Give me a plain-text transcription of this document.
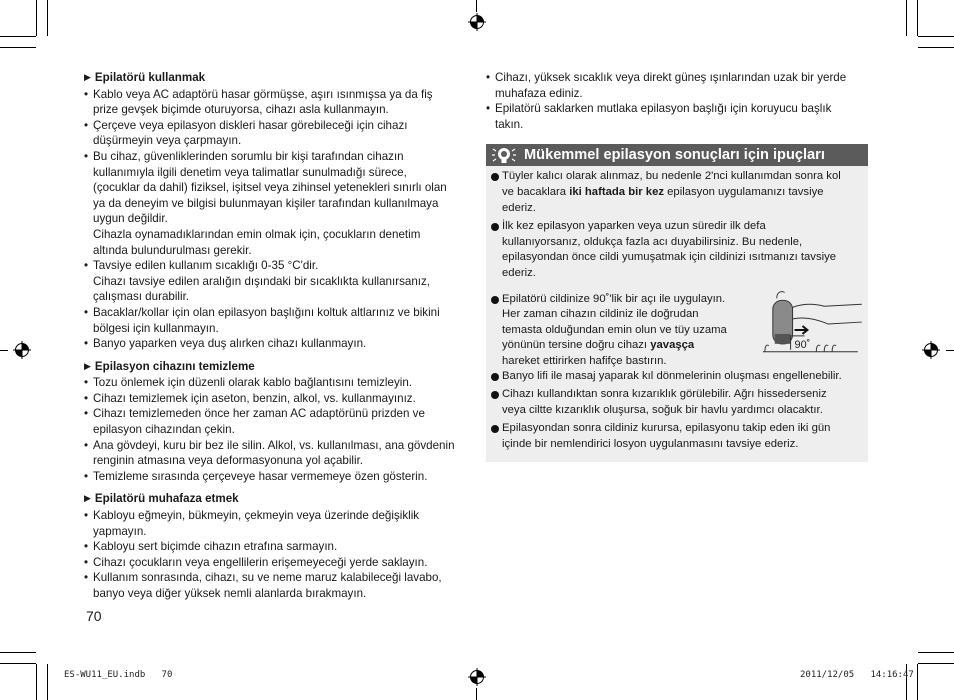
▶ Epilatörü kullanmak
• Kablo veya AC adaptörü hasar görmüşse, aşırı ısınmışsa ya da fiş
prize gevşek biçimde oturuyorsa, cihazı asla kullanmayın.
• Çerçeve veya epilasyon diskleri hasar görebileceği için cihazı
düşürmeyin veya çarpmayın.
• Bu cihaz, güvenliklerinden sorumlu bir kişi tarafından cihazın
kullanımıyla ilgili denetim veya talimatlar sunulmadığı sürece,
(çocuklar da dahil) fiziksel, işitsel veya zihinsel yetenekleri sınırlı olan
ya da deneyim ve bilgisi bulunmayan kişiler tarafından kullanılmaya
uygun değildir.
Cihazla oynamadıklarından emin olmak için, çocukların denetim
altında bulundurulması gerekir.
• Tavsiye edilen kullanım sıcaklığı 0-35 °C'dir.
Cihazı tavsiye edilen aralığın dışındaki bir sıcaklıkta kullanırsanız,
çalışması durabilir.
• Bacaklar/kollar için olan epilasyon başlığını koltuk altlarınız ve bikini
bölgesi için kullanmayın.
• Banyo yaparken veya duş alırken cihazı kullanmayın.
▶ Epilasyon cihazını temizleme
• Tozu önlemek için düzenli olarak kablo bağlantısını temizleyin.
• Cihazı temizlemek için aseton, benzin, alkol, vs. kullanmayınız.
• Cihazı temizlemeden önce her zaman AC adaptörünü prizden ve
epilasyon cihazından çekin.
• Ana gövdeyi, kuru bir bez ile silin. Alkol, vs. kullanılması, ana gövdenin
renginin atmasına veya deformasyonuna yol açabilir.
• Temizleme sırasında çerçeveye hasar vermemeye özen gösterin.
▶ Epilatörü muhafaza etmek
• Kabloyu eğmeyin, bükmeyin, çekmeyin veya üzerinde değişiklik
yapmayın.
• Kabloyu sert biçimde cihazın etrafına sarmayın.
• Cihazı çocukların veya engellilerin erişemeyeceği yerde saklayın.
• Kullanım sonrasında, cihazı, su ve neme maruz kalabileceği lavabo,
banyo veya diğer yüksek nemli alanlarda bırakmayın.
70
• Cihazı, yüksek sıcaklık veya direkt güneş ışınlarından uzak bir yerde
muhafaza ediniz.
• Epilatörü saklarken mutlaka epilasyon başlığı için koruyucu başlık
takın.
Mükemmel epilasyon sonuçları için ipuçları
Tüyler kalıcı olarak alınmaz, bu nedenle 2'nci kullanımdan sonra kol
ve bacaklara iki haftada bir kez epilasyon uygulamanızı tavsiye
ederiz.
İlk kez epilasyon yaparken veya uzun süredir ilk defa
kullanıyorsanız, oldukça fazla acı duyabilirsiniz. Bu nedenle,
epilasyondan önce cildi yumuşatmak için cildinizi ısıtmanızı tavsiye
ederiz.
Epilatörü cildinize 90˚'lik bir açı ile uygulayın.
Her zaman cihazın cildiniz ile doğrudan
temasta olduğundan emin olun ve tüy uzama
yönünün tersine doğru cihazı yavaşça
hareket ettirirken hafifçe bastırın.
90˚
Banyo lifi ile masaj yaparak kıl dönmelerinin oluşması engellenebilir.
Cihazı kullandıktan sonra kızarıklık görülebilir. Ağrı hissederseniz
veya ciltte kızarıklık oluşursa, soğuk bir havlu yardımcı olacaktır.
Epilasyondan sonra cildiniz kurursa, epilasyonu takip eden iki gün
içinde bir nemlendirici losyon uygulanmasını tavsiye ederiz.
ES-WU11_EU.indb   70	2011/12/05   14:16:47
